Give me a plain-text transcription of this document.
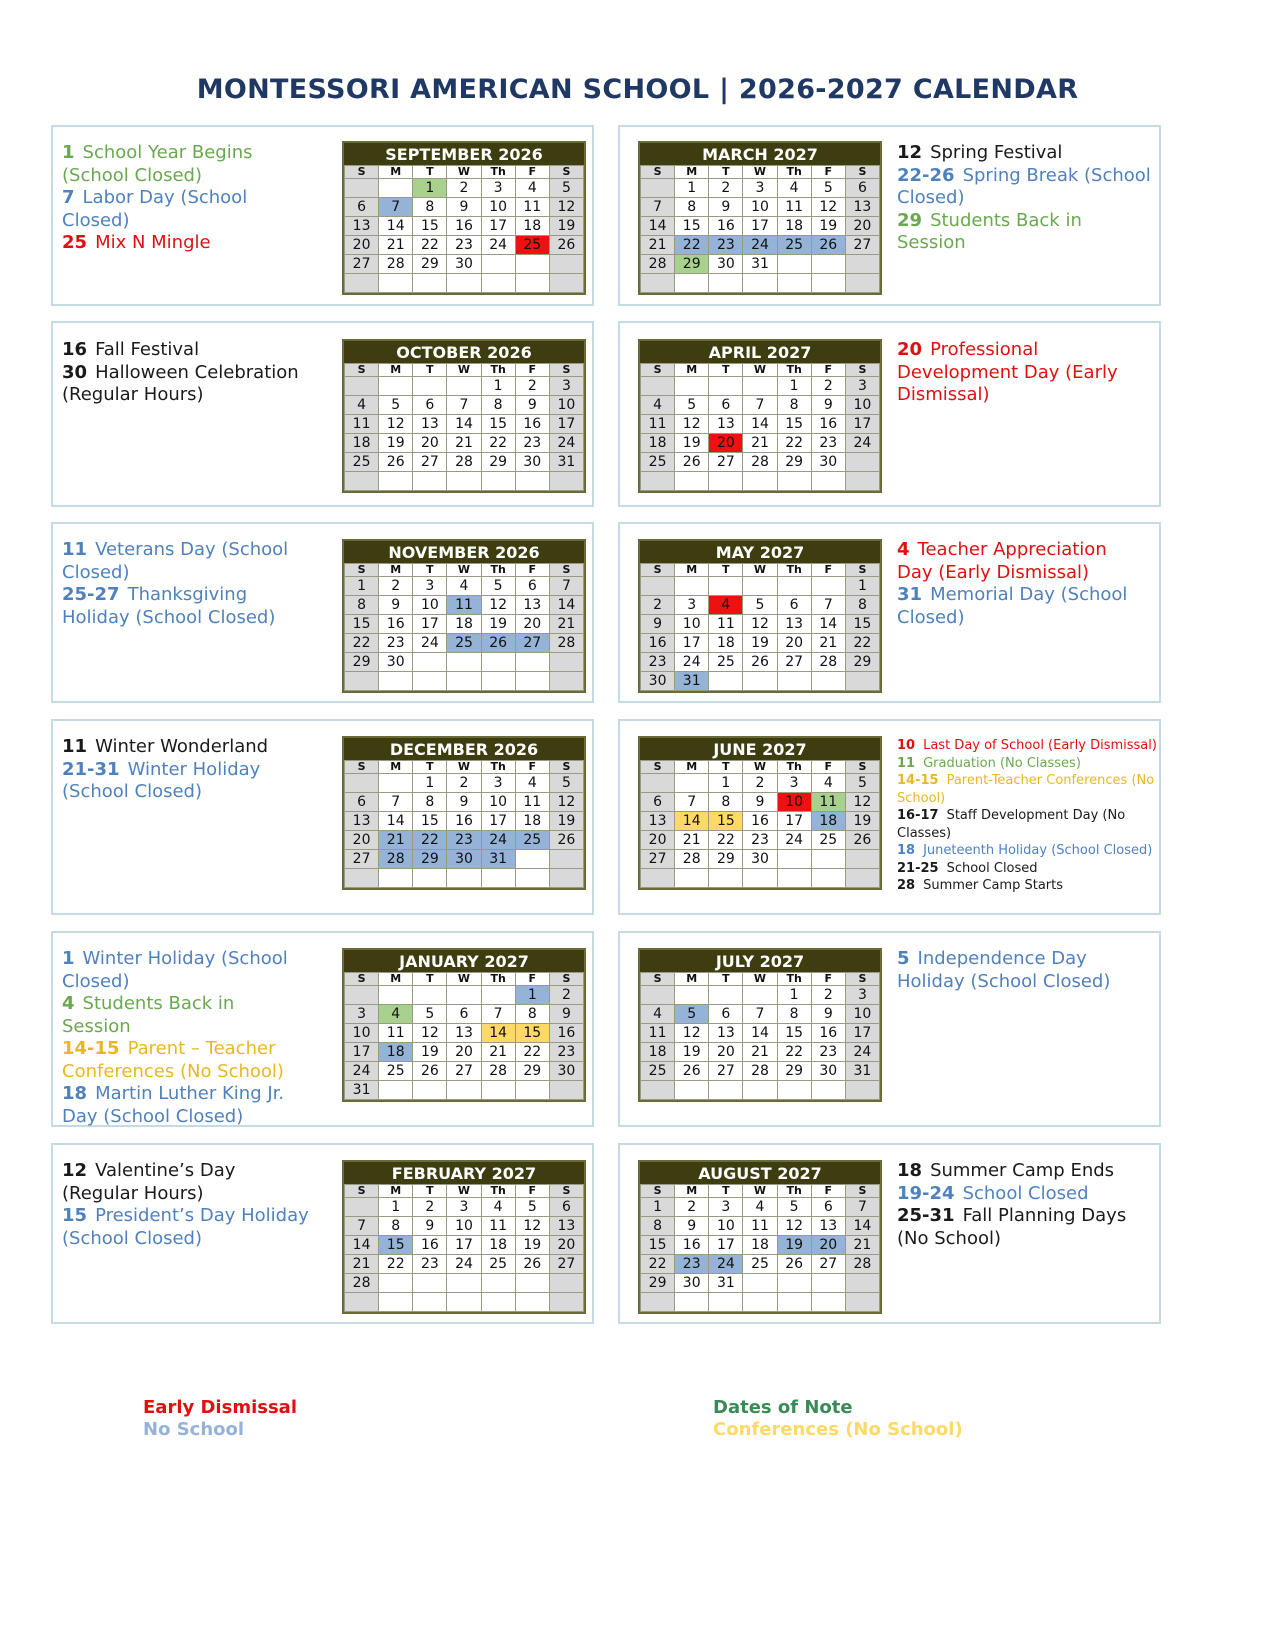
MONTESSORI AMERICAN SCHOOL | 2026-2027 CALENDAR
1 School Year Begins (School Closed)
7 Labor Day (School Closed)
25 Mix N Mingle
SEPTEMBER 2026
S	M	T	W	Th	F	S
		1	2	3	4	5
6	7	8	9	10	11	12
13	14	15	16	17	18	19
20	21	22	23	24	25	26
27	28	29	30			

16 Fall Festival
30 Halloween Celebration (Regular Hours)
OCTOBER 2026
S	M	T	W	Th	F	S
				1	2	3
4	5	6	7	8	9	10
11	12	13	14	15	16	17
18	19	20	21	22	23	24
25	26	27	28	29	30	31

11 Veterans Day (School Closed)
25-27 Thanksgiving Holiday (School Closed)
NOVEMBER 2026
S	M	T	W	Th	F	S
1	2	3	4	5	6	7
8	9	10	11	12	13	14
15	16	17	18	19	20	21
22	23	24	25	26	27	28
29	30					

11 Winter Wonderland
21-31 Winter Holiday (School Closed)
DECEMBER 2026
S	M	T	W	Th	F	S
		1	2	3	4	5
6	7	8	9	10	11	12
13	14	15	16	17	18	19
20	21	22	23	24	25	26
27	28	29	30	31		

1 Winter Holiday (School Closed)
4 Students Back in Session
14-15 Parent – Teacher Conferences (No School)
18 Martin Luther King Jr. Day (School Closed)
JANUARY 2027
S	M	T	W	Th	F	S
					1	2
3	4	5	6	7	8	9
10	11	12	13	14	15	16
17	18	19	20	21	22	23
24	25	26	27	28	29	30
31						
12 Valentine’s Day (Regular Hours)
15 President’s Day Holiday (School Closed)
FEBRUARY 2027
S	M	T	W	Th	F	S
	1	2	3	4	5	6
7	8	9	10	11	12	13
14	15	16	17	18	19	20
21	22	23	24	25	26	27
28						

MARCH 2027
S	M	T	W	Th	F	S
	1	2	3	4	5	6
7	8	9	10	11	12	13
14	15	16	17	18	19	20
21	22	23	24	25	26	27
28	29	30	31			

12 Spring Festival
22-26 Spring Break (School Closed)
29 Students Back in Session
APRIL 2027
S	M	T	W	Th	F	S
				1	2	3
4	5	6	7	8	9	10
11	12	13	14	15	16	17
18	19	20	21	22	23	24
25	26	27	28	29	30	

20 Professional Development Day (Early Dismissal)
MAY 2027
S	M	T	W	Th	F	S
						1
2	3	4	5	6	7	8
9	10	11	12	13	14	15
16	17	18	19	20	21	22
23	24	25	26	27	28	29
30	31					
4 Teacher Appreciation Day (Early Dismissal)
31 Memorial Day (School Closed)
JUNE 2027
S	M	T	W	Th	F	S
		1	2	3	4	5
6	7	8	9	10	11	12
13	14	15	16	17	18	19
20	21	22	23	24	25	26
27	28	29	30			

10 Last Day of School (Early Dismissal)
11 Graduation (No Classes)
14-15 Parent-Teacher Conferences (No School)
16-17 Staff Development Day (No Classes)
18 Juneteenth Holiday (School Closed)
21-25 School Closed
28 Summer Camp Starts
JULY 2027
S	M	T	W	Th	F	S
				1	2	3
4	5	6	7	8	9	10
11	12	13	14	15	16	17
18	19	20	21	22	23	24
25	26	27	28	29	30	31

5 Independence Day Holiday (School Closed)
AUGUST 2027
S	M	T	W	Th	F	S
1	2	3	4	5	6	7
8	9	10	11	12	13	14
15	16	17	18	19	20	21
22	23	24	25	26	27	28
29	30	31				

18 Summer Camp Ends
19-24 School Closed
25-31 Fall Planning Days (No School)
Early Dismissal
No School
Dates of Note
Conferences (No School)
